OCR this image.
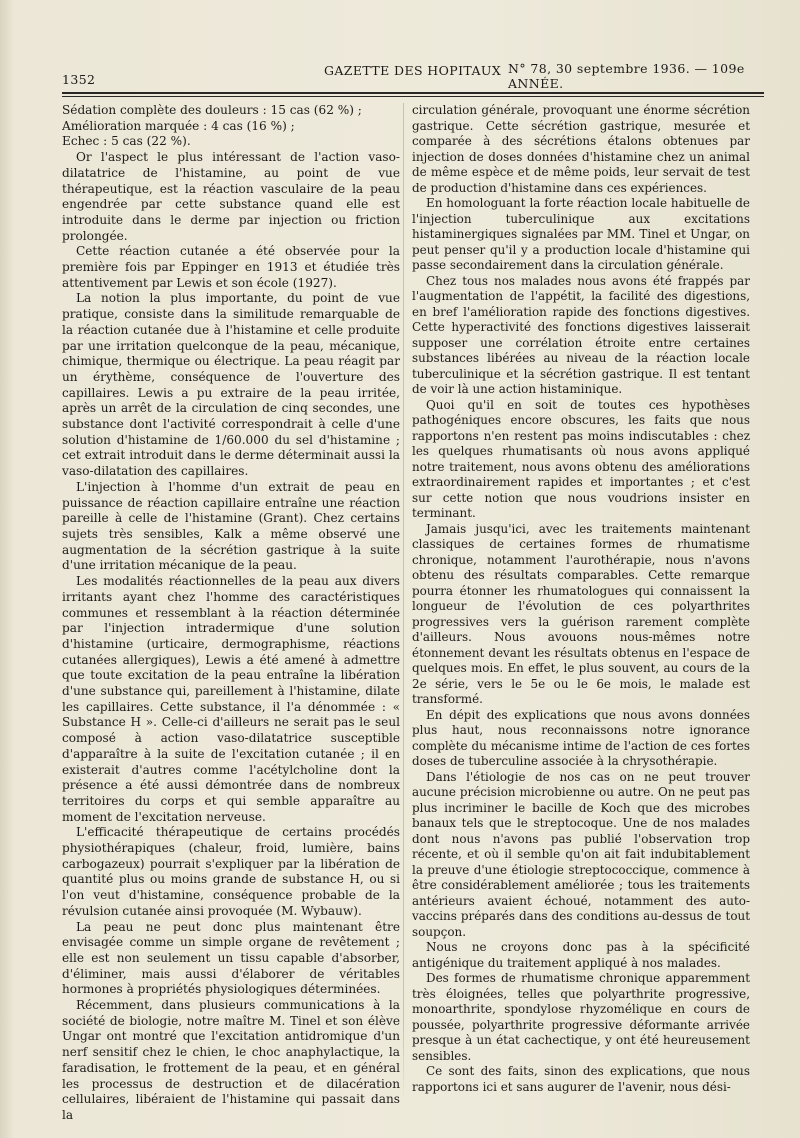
1352
GAZETTE DES HOPITAUX N° 78, 30 septembre 1936. — 109e ANNÉE.

Sédation complète des douleurs : 15 cas (62 %) ;

Amélioration marquée : 4 cas (16 %) ;

Echec : 5 cas (22 %).

Or l'aspect le plus intéressant de l'action vaso-dilatatrice de l'histamine, au point de vue thérapeutique, est la réaction vasculaire de la peau engendrée par cette substance quand elle est introduite dans le derme par injection ou friction prolongée.

Cette réaction cutanée a été observée pour la première fois par Eppinger en 1913 et étudiée très attentivement par Lewis et son école (1927).

La notion la plus importante, du point de vue pratique, consiste dans la similitude remarquable de la réaction cutanée due à l'histamine et celle produite par une irritation quelconque de la peau, mécanique, chimique, thermique ou électrique. La peau réagit par un érythème, conséquence de l'ouverture des capillaires. Lewis a pu extraire de la peau irritée, après un arrêt de la circulation de cinq secondes, une substance dont l'activité correspondrait à celle d'une solution d'histamine de 1/60.000 du sel d'histamine ; cet extrait introduit dans le derme déterminait aussi la vaso-dilatation des capillaires.

L'injection à l'homme d'un extrait de peau en puissance de réaction capillaire entraîne une réaction pareille à celle de l'histamine (Grant). Chez certains sujets très sensibles, Kalk a même observé une augmentation de la sécrétion gastrique à la suite d'une irritation mécanique de la peau.

Les modalités réactionnelles de la peau aux divers irritants ayant chez l'homme des caractéristiques communes et ressemblant à la réaction déterminée par l'injection intradermique d'une solution d'histamine (urticaire, dermographisme, réactions cutanées allergiques), Lewis a été amené à admettre que toute excitation de la peau entraîne la libération d'une substance qui, pareillement à l'histamine, dilate les capillaires. Cette substance, il l'a dénommée : « Substance H ». Celle-ci d'ailleurs ne serait pas le seul composé à action vaso-dilatatrice susceptible d'apparaître à la suite de l'excitation cutanée ; il en existerait d'autres comme l'acétylcholine dont la présence a été aussi démontrée dans de nombreux territoires du corps et qui semble apparaître au moment de l'excitation nerveuse.

L'efficacité thérapeutique de certains procédés physiothérapiques (chaleur, froid, lumière, bains carbogazeux) pourrait s'expliquer par la libération de quantité plus ou moins grande de substance H, ou si l'on veut d'histamine, conséquence probable de la révulsion cutanée ainsi provoquée (M. Wybauw).

La peau ne peut donc plus maintenant être envisagée comme un simple organe de revêtement ; elle est non seulement un tissu capable d'absorber, d'éliminer, mais aussi d'élaborer de véritables hormones à propriétés physiologiques déterminées.

Récemment, dans plusieurs communications à la société de biologie, notre maître M. Tinel et son élève Ungar ont montré que l'excitation antidromique d'un nerf sensitif chez le chien, le choc anaphylactique, la faradisation, le frottement de la peau, et en général les processus de destruction et de dilacération cellulaires, libéraient de l'histamine qui passait dans la

circulation générale, provoquant une énorme sécrétion gastrique. Cette sécrétion gastrique, mesurée et comparée à des sécrétions étalons obtenues par injection de doses données d'histamine chez un animal de même espèce et de même poids, leur servait de test de production d'histamine dans ces expériences.

En homologuant la forte réaction locale habituelle de l'injection tuberculinique aux excitations histaminergiques signalées par MM. Tinel et Ungar, on peut penser qu'il y a production locale d'histamine qui passe secondairement dans la circulation générale.

Chez tous nos malades nous avons été frappés par l'augmentation de l'appétit, la facilité des digestions, en bref l'amélioration rapide des fonctions digestives. Cette hyperactivité des fonctions digestives laisserait supposer une corrélation étroite entre certaines substances libérées au niveau de la réaction locale tuberculinique et la sécrétion gastrique. Il est tentant de voir là une action histaminique.

Quoi qu'il en soit de toutes ces hypothèses pathogéniques encore obscures, les faits que nous rapportons n'en restent pas moins indiscutables : chez les quelques rhumatisants où nous avons appliqué notre traitement, nous avons obtenu des améliorations extraordinairement rapides et importantes ; et c'est sur cette notion que nous voudrions insister en terminant.

Jamais jusqu'ici, avec les traitements maintenant classiques de certaines formes de rhumatisme chronique, notamment l'aurothérapie, nous n'avons obtenu des résultats comparables. Cette remarque pourra étonner les rhumatologues qui connaissent la longueur de l'évolution de ces polyarthrites progressives vers la guérison rarement complète d'ailleurs. Nous avouons nous-mêmes notre étonnement devant les résultats obtenus en l'espace de quelques mois. En effet, le plus souvent, au cours de la 2e série, vers le 5e ou le 6e mois, le malade est transformé.

En dépit des explications que nous avons données plus haut, nous reconnaissons notre ignorance complète du mécanisme intime de l'action de ces fortes doses de tuberculine associée à la chrysothérapie.

Dans l'étiologie de nos cas on ne peut trouver aucune précision microbienne ou autre. On ne peut pas plus incriminer le bacille de Koch que des microbes banaux tels que le streptocoque. Une de nos malades dont nous n'avons pas publié l'observation trop récente, et où il semble qu'on ait fait indubitablement la preuve d'une étiologie streptococcique, commence à être considérablement améliorée ; tous les traitements antérieurs avaient échoué, notamment des auto-vaccins préparés dans des conditions au-dessus de tout soupçon.

Nous ne croyons donc pas à la spécificité antigénique du traitement appliqué à nos malades.

Des formes de rhumatisme chronique apparemment très éloignées, telles que polyarthrite progressive, monoarthrite, spondylose rhyzomélique en cours de poussée, polyarthrite progressive déformante arrivée presque à un état cachectique, y ont été heureusement sensibles.

Ce sont des faits, sinon des explications, que nous rapportons ici et sans augurer de l'avenir, nous dési-
